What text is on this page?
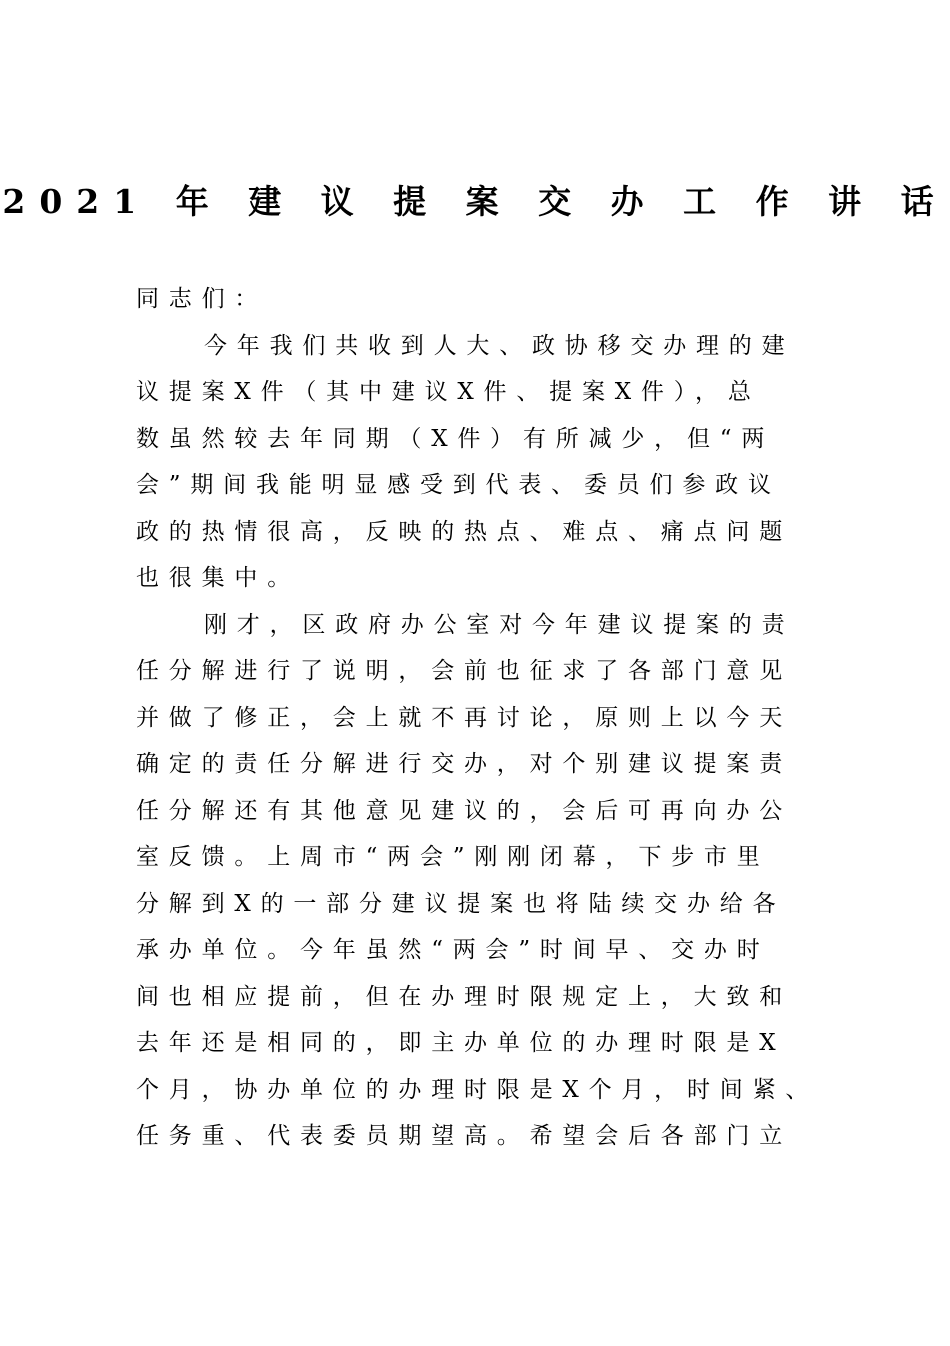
2021 年 建 议 提 案 交 办 工 作 讲 话
同志们：
今年我们共收到人大、政协移交办理的建
议提案X件（其中建议X件、提案X件），总
数虽然较去年同期（X件）有所减少，但“两
会”期间我能明显感受到代表、委员们参政议
政的热情很高，反映的热点、难点、痛点问题
也很集中。
刚才，区政府办公室对今年建议提案的责
任分解进行了说明，会前也征求了各部门意见
并做了修正，会上就不再讨论，原则上以今天
确定的责任分解进行交办，对个别建议提案责
任分解还有其他意见建议的，会后可再向办公
室反馈。上周市“两会”刚刚闭幕，下步市里
分解到X的一部分建议提案也将陆续交办给各
承办单位。今年虽然“两会”时间早、交办时
间也相应提前，但在办理时限规定上，大致和
去年还是相同的，即主办单位的办理时限是X
个月，协办单位的办理时限是X个月，时间紧、
任务重、代表委员期望高。希望会后各部门立
